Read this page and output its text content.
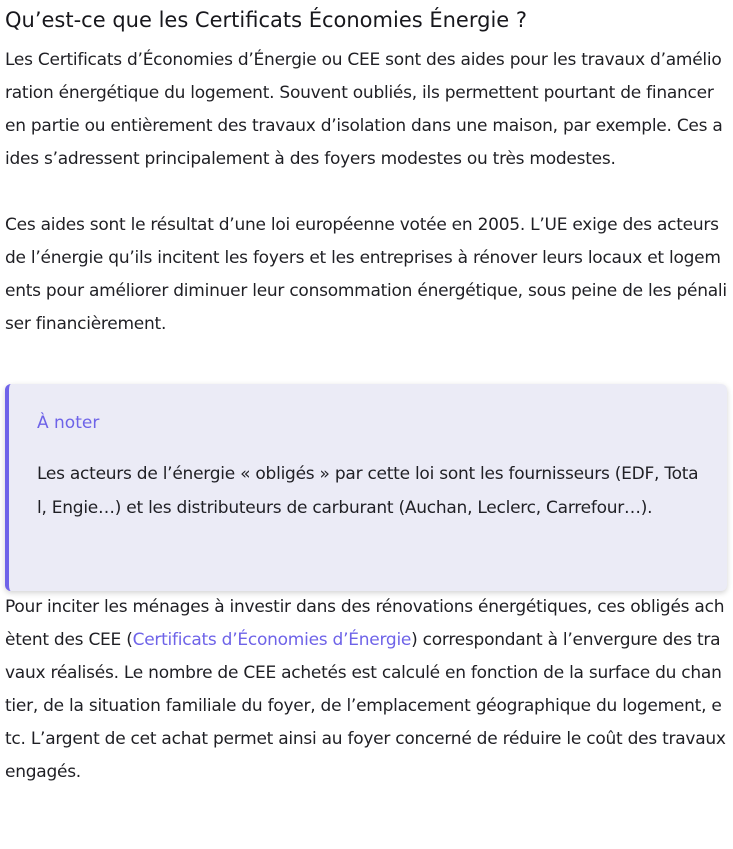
Qu’est-ce que les Certificats Économies Énergie ?

Les Certificats d’Économies d’Énergie ou CEE sont des aides pour les travaux d’amélioration énergétique du logement. Souvent oubliés, ils permettent pourtant de financer en partie ou entièrement des travaux d’isolation dans une maison, par exemple. Ces aides s’adressent principalement à des foyers modestes ou très modestes.

Ces aides sont le résultat d’une loi européenne votée en 2005. L’UE exige des acteurs de l’énergie qu’ils incitent les foyers et les entreprises à rénover leurs locaux et logements pour améliorer diminuer leur consommation énergétique, sous peine de les pénaliser financièrement.

À noter

Les acteurs de l’énergie « obligés » par cette loi sont les fournisseurs (EDF, Total, Engie…) et les distributeurs de carburant (Auchan, Leclerc, Carrefour…).

Pour inciter les ménages à investir dans des rénovations énergétiques, ces obligés achètent des CEE (Certificats d’Économies d’Énergie) correspondant à l’envergure des travaux réalisés. Le nombre de CEE achetés est calculé en fonction de la surface du chantier, de la situation familiale du foyer, de l’emplacement géographique du logement, etc. L’argent de cet achat permet ainsi au foyer concerné de réduire le coût des travaux engagés.
